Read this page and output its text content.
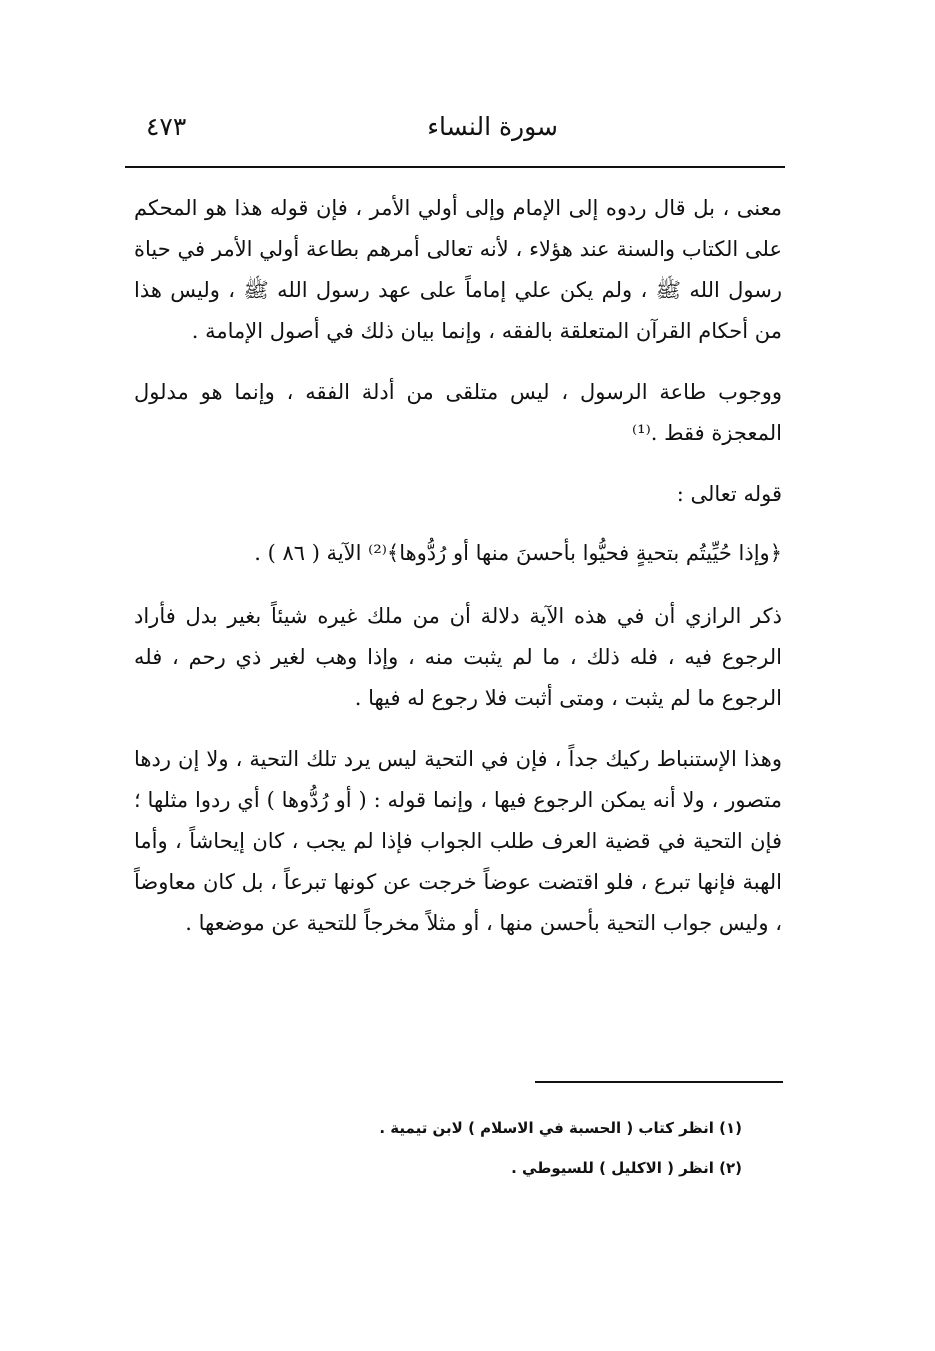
سورة النساء
٤٧٣

معنى ، بل قال ردوه إلى الإمام وإلى أولي الأمر ، فإن قوله هذا هو المحكم على الكتاب والسنة عند هؤلاء ، لأنه تعالى أمرهم بطاعة أولي الأمر في حياة رسول الله ﷺ ، ولم يكن علي إماماً على عهد رسول الله ﷺ ، وليس هذا من أحكام القرآن المتعلقة بالفقه ، وإنما بيان ذلك في أصول الإمامة .

ووجوب طاعة الرسول ، ليس متلقى من أدلة الفقه ، وإنما هو مدلول المعجزة فقط .⁽¹⁾

قوله تعالى :

﴿وإذا حُيِّيتُم بتحيةٍ فحيُّوا بأحسنَ منها أو رُدُّوها﴾⁽²⁾ الآية ( ٨٦ ) .

ذكر الرازي أن في هذه الآية دلالة أن من ملك غيره شيئاً بغير بدل فأراد الرجوع فيه ، فله ذلك ، ما لم يثبت منه ، وإذا وهب لغير ذي رحم ، فله الرجوع ما لم يثبت ، ومتى أثبت فلا رجوع له فيها .

وهذا الإستنباط ركيك جداً ، فإن في التحية ليس يرد تلك التحية ، ولا إن ردها متصور ، ولا أنه يمكن الرجوع فيها ، وإنما قوله : ( أو رُدُّوها ) أي ردوا مثلها ؛ فإن التحية في قضية العرف طلب الجواب فإذا لم يجب ، كان إيحاشاً ، وأما الهبة فإنها تبرع ، فلو اقتضت عوضاً خرجت عن كونها تبرعاً ، بل كان معاوضاً ، وليس جواب التحية بأحسن منها ، أو مثلاً مخرجاً للتحية عن موضعها .

(١) انظر كتاب ( الحسبة في الاسلام ) لابن تيمية .
(٢) انظر ( الاكليل ) للسيوطي .
